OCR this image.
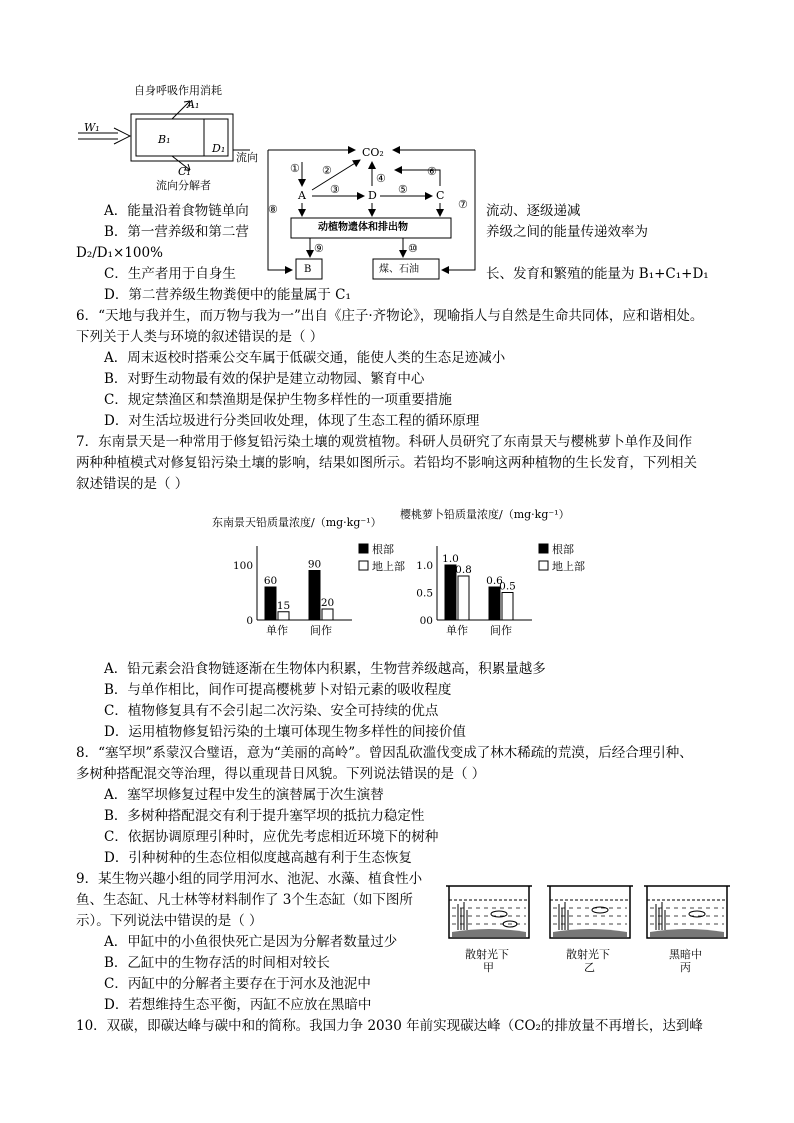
自身呼吸作用消耗
A₁
W₁
B₁
D₁
流向
C₁
流向分解者
CO₂
A	D	C
动植物遗体和排出物
B	煤、石油
① ②
③
④
⑤
⑥
⑦
⑧
⑨	⑩
A．能量沿着食物链单向	流动、逐级递减
B．第一营养级和第二营	养级之间的能量传递效率为
D₂/D₁×100%
C．生产者用于自身生	长、发育和繁殖的能量为 B₁+C₁+D₁
D．第二营养级生物粪便中的能量属于 C₁
6．“天地与我并生，而万物与我为一”出自《庄子·齐物论》，现喻指人与自然是生命共同体，应和谐相处。
下列关于人类与环境的叙述错误的是（ ）
A．周末返校时搭乘公交车属于低碳交通，能使人类的生态足迹减小
B．对野生动物最有效的保护是建立动物园、繁育中心
C．规定禁渔区和禁渔期是保护生物多样性的一项重要措施
D．对生活垃圾进行分类回收处理，体现了生态工程的循环原理
7．东南景天是一种常用于修复铅污染土壤的观赏植物。科研人员研究了东南景天与樱桃萝卜单作及间作
两种种植模式对修复铅污染土壤的影响，结果如图所示。若铅均不影响这两种植物的生长发育，下列相关
叙述错误的是（ ）
东南景天铅质量浓度/（mg·kg⁻¹）
100
0
60
15
单作
90
20
间作
根部
地上部
樱桃萝卜铅质量浓度/（mg·kg⁻¹）
1.0
0.5
00
1.0
0.8
单作
0.6
0.5
间作
根部
地上部
A．铅元素会沿食物链逐渐在生物体内积累，生物营养级越高，积累量越多
B．与单作相比，间作可提高樱桃萝卜对铅元素的吸收程度
C．植物修复具有不会引起二次污染、安全可持续的优点
D．运用植物修复铅污染的土壤可体现生物多样性的间接价值
8．“塞罕坝”系蒙汉合璧语，意为“美丽的高岭”。曾因乱砍滥伐变成了林木稀疏的荒漠，后经合理引种、
多树种搭配混交等治理，得以重现昔日风貌。下列说法错误的是（ ）
A．塞罕坝修复过程中发生的演替属于次生演替
B．多树种搭配混交有利于提升塞罕坝的抵抗力稳定性
C．依据协调原理引种时，应优先考虑相近环境下的树种
D．引种树种的生态位相似度越高越有利于生态恢复
9．某生物兴趣小组的同学用河水、池泥、水藻、植食性小
鱼、生态缸、凡士林等材料制作了 3个生态缸（如下图所
示）。下列说法中错误的是（ ）
A．甲缸中的小鱼很快死亡是因为分解者数量过少
B．乙缸中的生物存活的时间相对较长
C．丙缸中的分解者主要存在于河水及池泥中
D．若想维持生态平衡，丙缸不应放在黑暗中
散射光下
甲
散射光下
乙
黑暗中
丙
10．双碳，即碳达峰与碳中和的简称。我国力争 2030 年前实现碳达峰（CO₂的排放量不再增长，达到峰
